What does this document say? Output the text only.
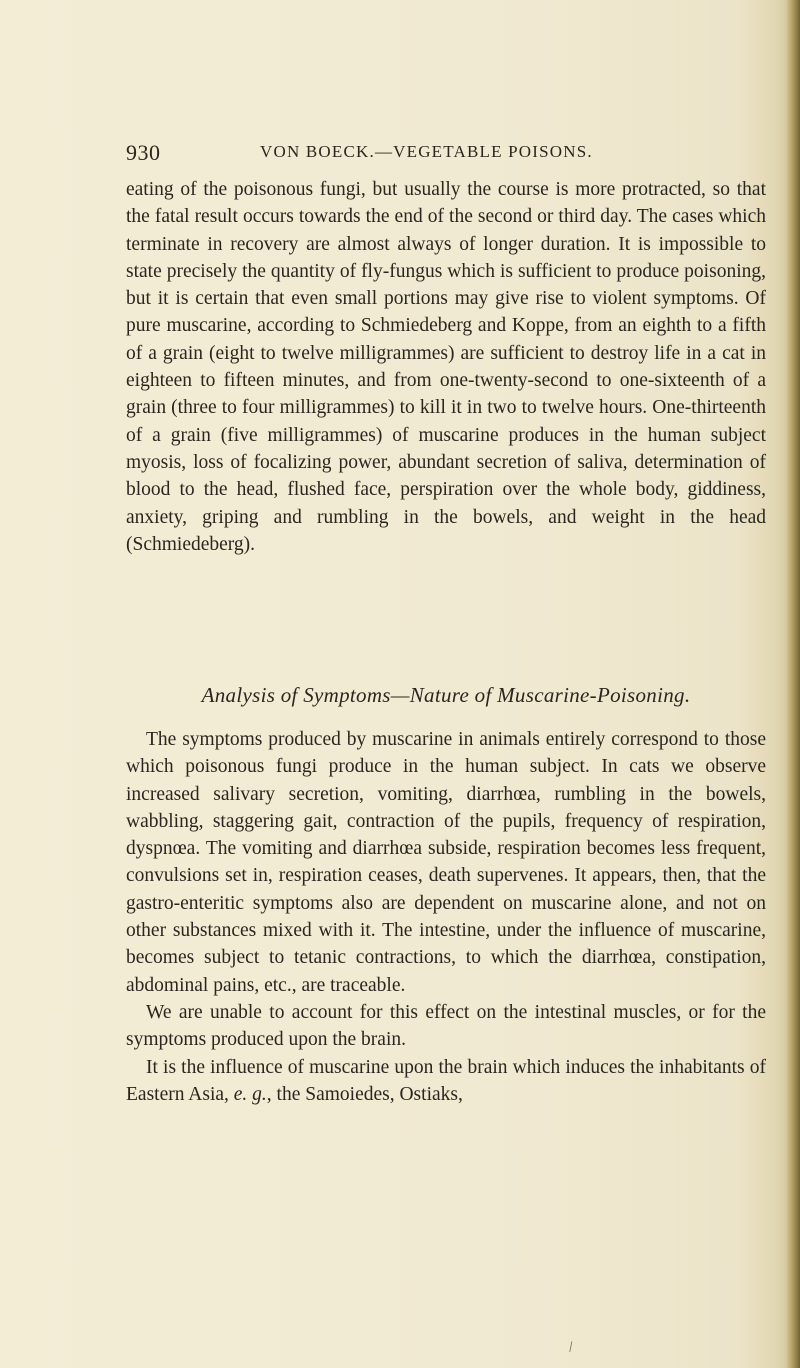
930	VON BOECK.—VEGETABLE POISONS.

eating of the poisonous fungi, but usually the course is more protracted, so that the fatal result occurs towards the end of the second or third day. The cases which terminate in recovery are almost always of longer duration. It is impossible to state precisely the quantity of fly-fungus which is sufficient to produce poisoning, but it is certain that even small portions may give rise to violent symptoms. Of pure muscarine, according to Schmiedeberg and Koppe, from an eighth to a fifth of a grain (eight to twelve milligrammes) are sufficient to destroy life in a cat in eighteen to fifteen minutes, and from one-twenty-second to one-sixteenth of a grain (three to four milligrammes) to kill it in two to twelve hours. One-thirteenth of a grain (five milligrammes) of muscarine produces in the human subject myosis, loss of focalizing power, abundant secretion of saliva, determination of blood to the head, flushed face, perspiration over the whole body, giddiness, anxiety, griping and rumbling in the bowels, and weight in the head (Schmiedeberg).

Analysis of Symptoms—Nature of Muscarine-Poisoning.

The symptoms produced by muscarine in animals entirely correspond to those which poisonous fungi produce in the human subject. In cats we observe increased salivary secretion, vomiting, diarrhœa, rumbling in the bowels, wabbling, staggering gait, contraction of the pupils, frequency of respiration, dyspnœa. The vomiting and diarrhœa subside, respiration becomes less frequent, convulsions set in, respiration ceases, death supervenes. It appears, then, that the gastro-enteritic symptoms also are dependent on muscarine alone, and not on other substances mixed with it. The intestine, under the influence of muscarine, becomes subject to tetanic contractions, to which the diarrhœa, constipation, abdominal pains, etc., are traceable.

We are unable to account for this effect on the intestinal muscles, or for the symptoms produced upon the brain.

It is the influence of muscarine upon the brain which induces the inhabitants of Eastern Asia, e. g., the Samoiedes, Ostiaks,

⁄
